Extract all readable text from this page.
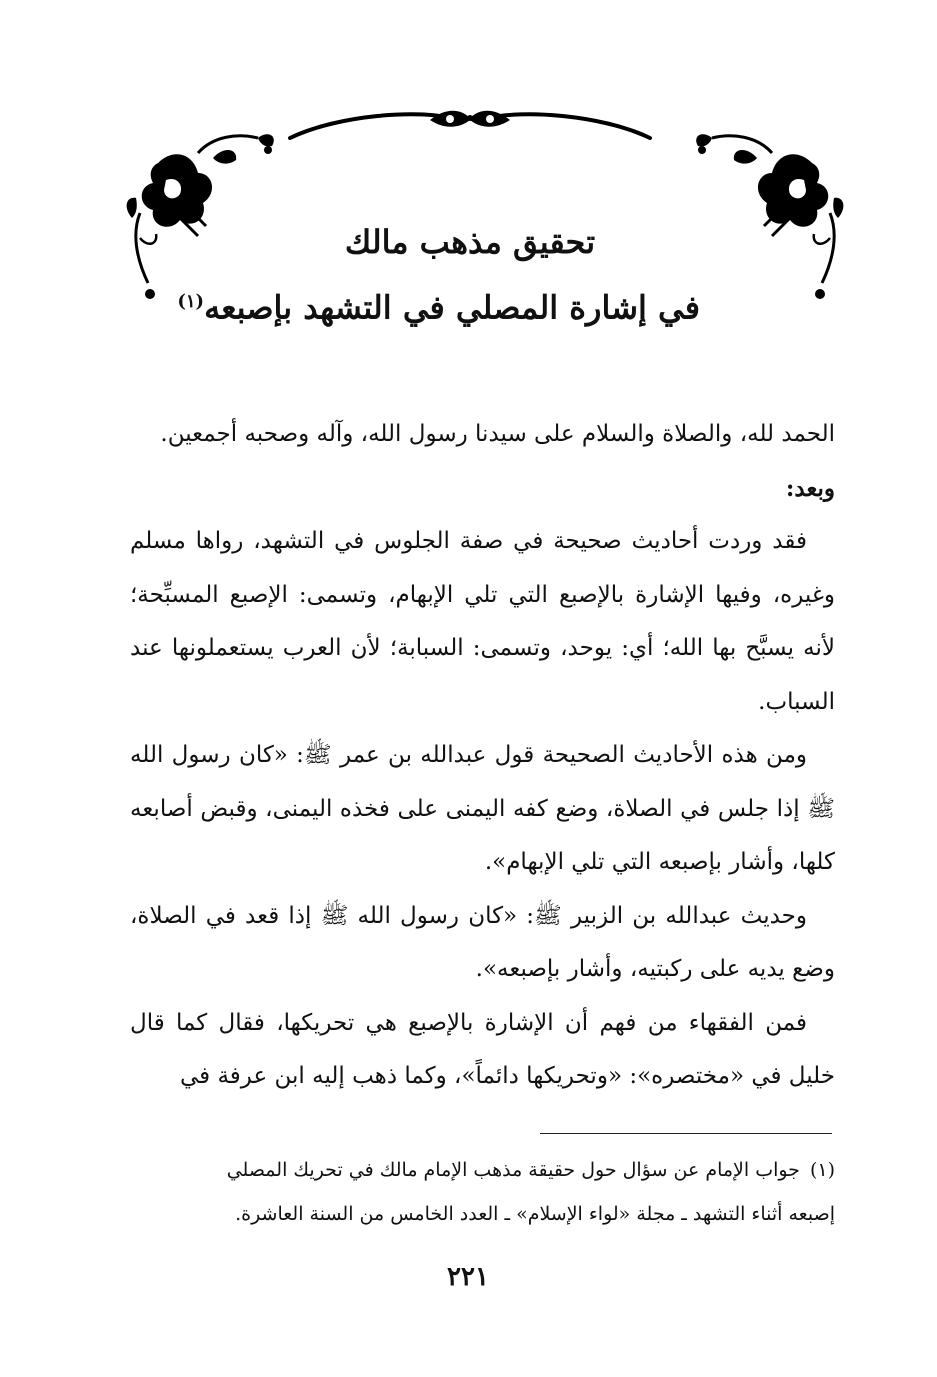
تحقيق مذهب مالك
في إشارة المصلي في التشهد بإصبعه$^{(١)}$

الحمد لله، والصلاة والسلام على سيدنا رسول الله، وآله وصحبه أجمعين.

وبعد:

فقد وردت أحاديث صحيحة في صفة الجلوس في التشهد، رواها مسلم وغيره، وفيها الإشارة بالإصبع التي تلي الإبهام، وتسمى: الإصبع المسبِّحة؛ لأنه يسبَّح بها الله؛ أي: يوحد، وتسمى: السبابة؛ لأن العرب يستعملونها عند السباب.

ومن هذه الأحاديث الصحيحة قول عبدالله بن عمر ﷺ: «كان رسول الله ﷺ إذا جلس في الصلاة، وضع كفه اليمنى على فخذه اليمنى، وقبض أصابعه كلها، وأشار بإصبعه التي تلي الإبهام».

وحديث عبدالله بن الزبير ﷺ: «كان رسول الله ﷺ إذا قعد في الصلاة، وضع يديه على ركبتيه، وأشار بإصبعه».

فمن الفقهاء من فهم أن الإشارة بالإصبع هي تحريكها، فقال كما قال خليل في «مختصره»: «وتحريكها دائماً»، وكما ذهب إليه ابن عرفة في

(١)جواب الإمام عن سؤال حول حقيقة مذهب الإمام مالك في تحريك المصلي

إصبعه أثناء التشهد ـ مجلة «لواء الإسلام» ـ العدد الخامس من السنة العاشرة.

٢٢١
